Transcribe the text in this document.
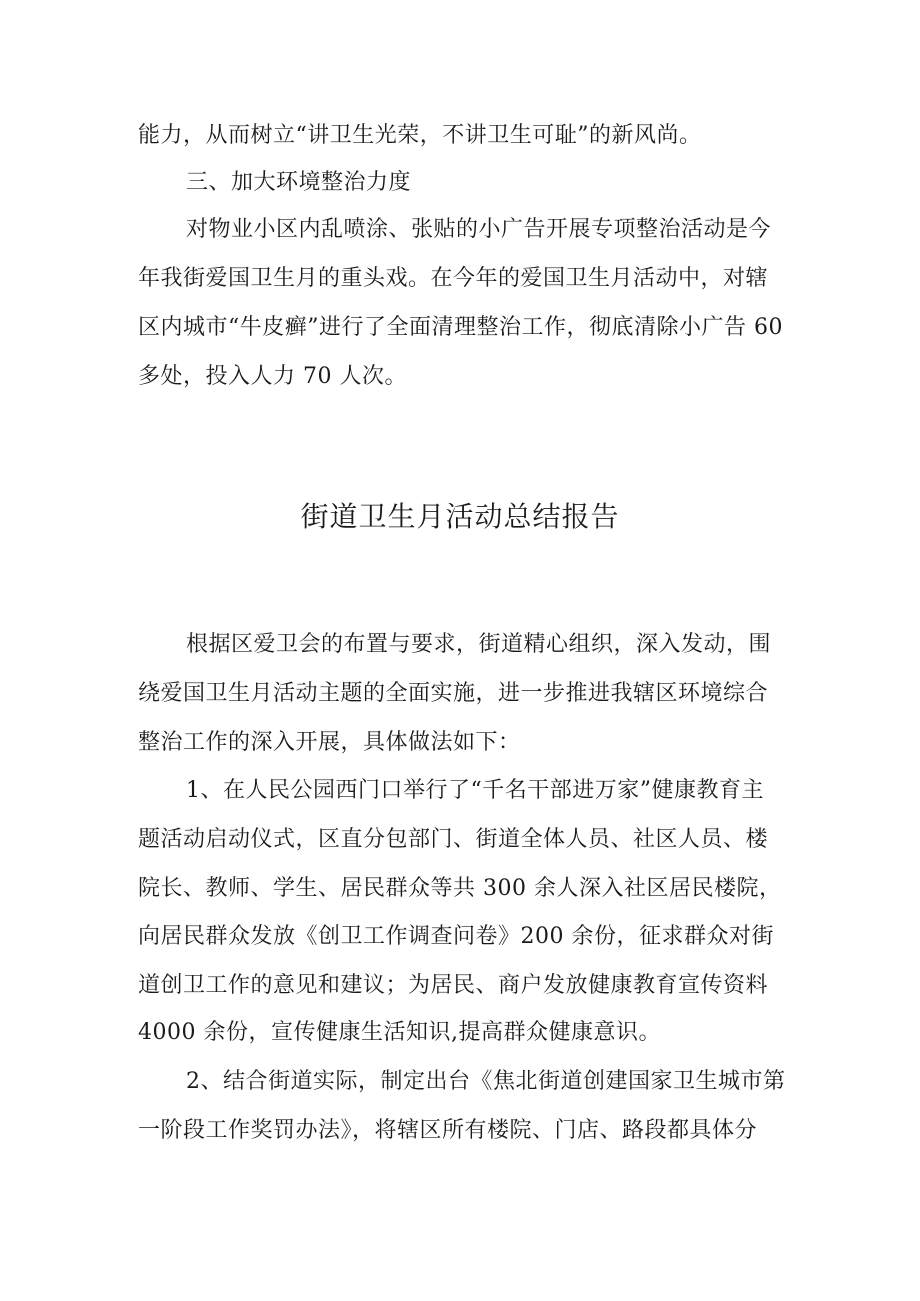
能力，从而树立“讲卫生光荣，不讲卫生可耻”的新风尚。
三、加大环境整治力度
对物业小区内乱喷涂、张贴的小广告开展专项整治活动是今
年我街爱国卫生月的重头戏。在今年的爱国卫生月活动中，对辖
区内城市“牛皮癣”进行了全面清理整治工作，彻底清除小广告 60
多处，投入人力 70 人次。
街道卫生月活动总结报告
根据区爱卫会的布置与要求，街道精心组织，深入发动，围
绕爱国卫生月活动主题的全面实施，进一步推进我辖区环境综合
整治工作的深入开展，具体做法如下：
1、在人民公园西门口举行了“千名干部进万家”健康教育主
题活动启动仪式，区直分包部门、街道全体人员、社区人员、楼
院长、教师、学生、居民群众等共 300 余人深入社区居民楼院，
向居民群众发放《创卫工作调查问卷》200 余份，征求群众对街
道创卫工作的意见和建议；为居民、商户发放健康教育宣传资料
4000 余份，宣传健康生活知识,提高群众健康意识。
2、结合街道实际，制定出台《焦北街道创建国家卫生城市第
一阶段工作奖罚办法》，将辖区所有楼院、门店、路段都具体分
